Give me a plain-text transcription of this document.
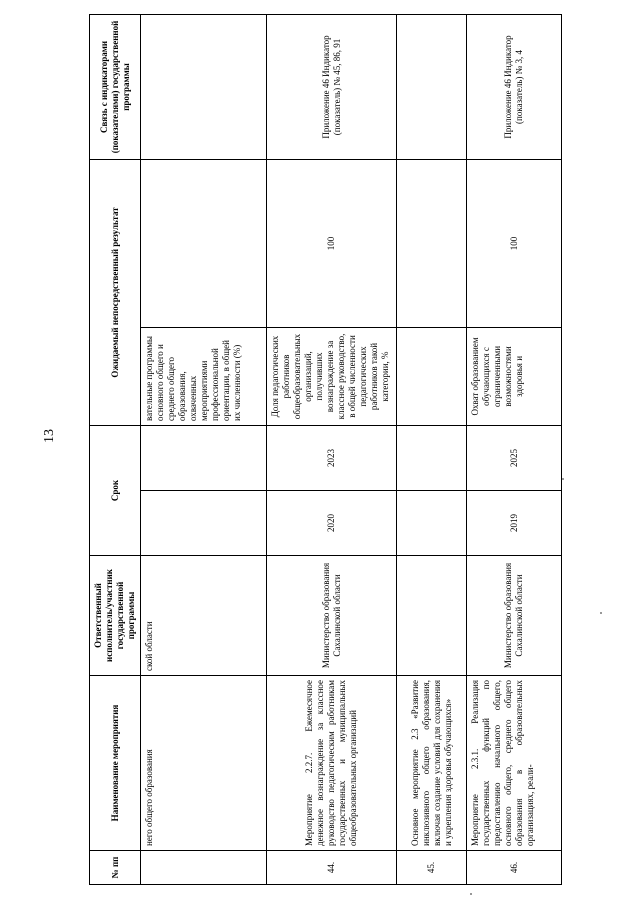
13
№ пп	Наименование мероприятия	Ответственный исполнитель/участник государственной программы	Срок		Ожидаемый непосредственный результат		Связь с индикаторами (показателями) государственной программы
	него общего образования	ской области			вательные программы основного общего и среднего общего образования, охваченных мероприятиями профессиональной ориентации, в общей их численности (%)		
44.	Мероприятие 2.2.7. Ежемесячное денежное вознаграждение за классное руководство педагогическим работникам государственных и муниципальных общеобразовательных организаций	Министерство образования Сахалинской области	2020	2023	Доля педагогических работников общеобразовательных организаций, получивших вознаграждение за классное руководство, в общей численности педагогических работников такой категории, %	100	Приложение 46 Индикатор (показатель) № 45, 86, 91
45.	Основное мероприятие 2.3 «Развитие инклюзивного общего образования, включая создание условий для сохранения и укрепления здоровья обучающихся»						
46.	Мероприятие 2.3.1. Реализация государственных функций по предоставлению начального общего, основного общего, среднего общего образования в образовательных организациях, реали-	Министерство образования Сахалинской области	2019	2025	Охват образованием обучающихся с ограниченными возможностями здоровья и	100	Приложение 46 Индикатор (показатель) № 3, 4
